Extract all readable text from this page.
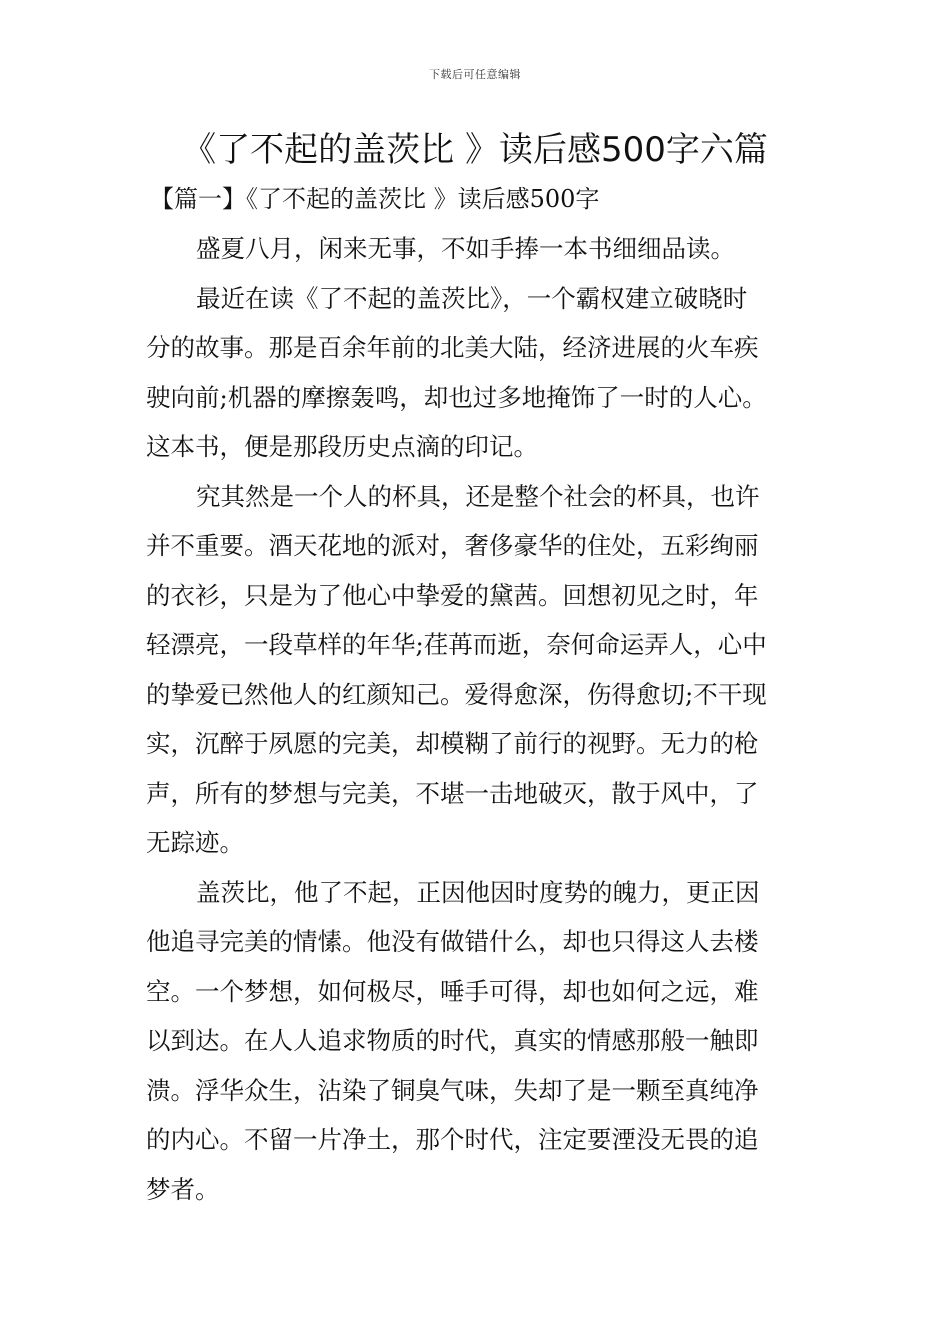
下载后可任意编辑
《了不起的盖茨比 》读后感500字六篇
【篇一】《了不起的盖茨比 》读后感500字

盛夏八月，闲来无事，不如手捧一本书细细品读。

最近在读《了不起的盖茨比》，一个霸权建立破晓时
分的故事。那是百余年前的北美大陆，经济进展的火车疾
驶向前;机器的摩擦轰鸣，却也过多地掩饰了一时的人心。
这本书，便是那段历史点滴的印记。

究其然是一个人的杯具，还是整个社会的杯具，也许
并不重要。酒天花地的派对，奢侈豪华的住处，五彩绚丽
的衣衫，只是为了他心中挚爱的黛茜。回想初见之时，年
轻漂亮，一段草样的年华;荏苒而逝，奈何命运弄人，心中
的挚爱已然他人的红颜知己。爱得愈深，伤得愈切;不干现
实，沉醉于夙愿的完美，却模糊了前行的视野。无力的枪
声，所有的梦想与完美，不堪一击地破灭，散于风中，了
无踪迹。

盖茨比，他了不起，正因他因时度势的魄力，更正因
他追寻完美的情愫。他没有做错什么，却也只得这人去楼
空。一个梦想，如何极尽，唾手可得，却也如何之远，难
以到达。在人人追求物质的时代，真实的情感那般一触即
溃。浮华众生，沾染了铜臭气味，失却了是一颗至真纯净
的内心。不留一片净土，那个时代，注定要湮没无畏的追
梦者。
